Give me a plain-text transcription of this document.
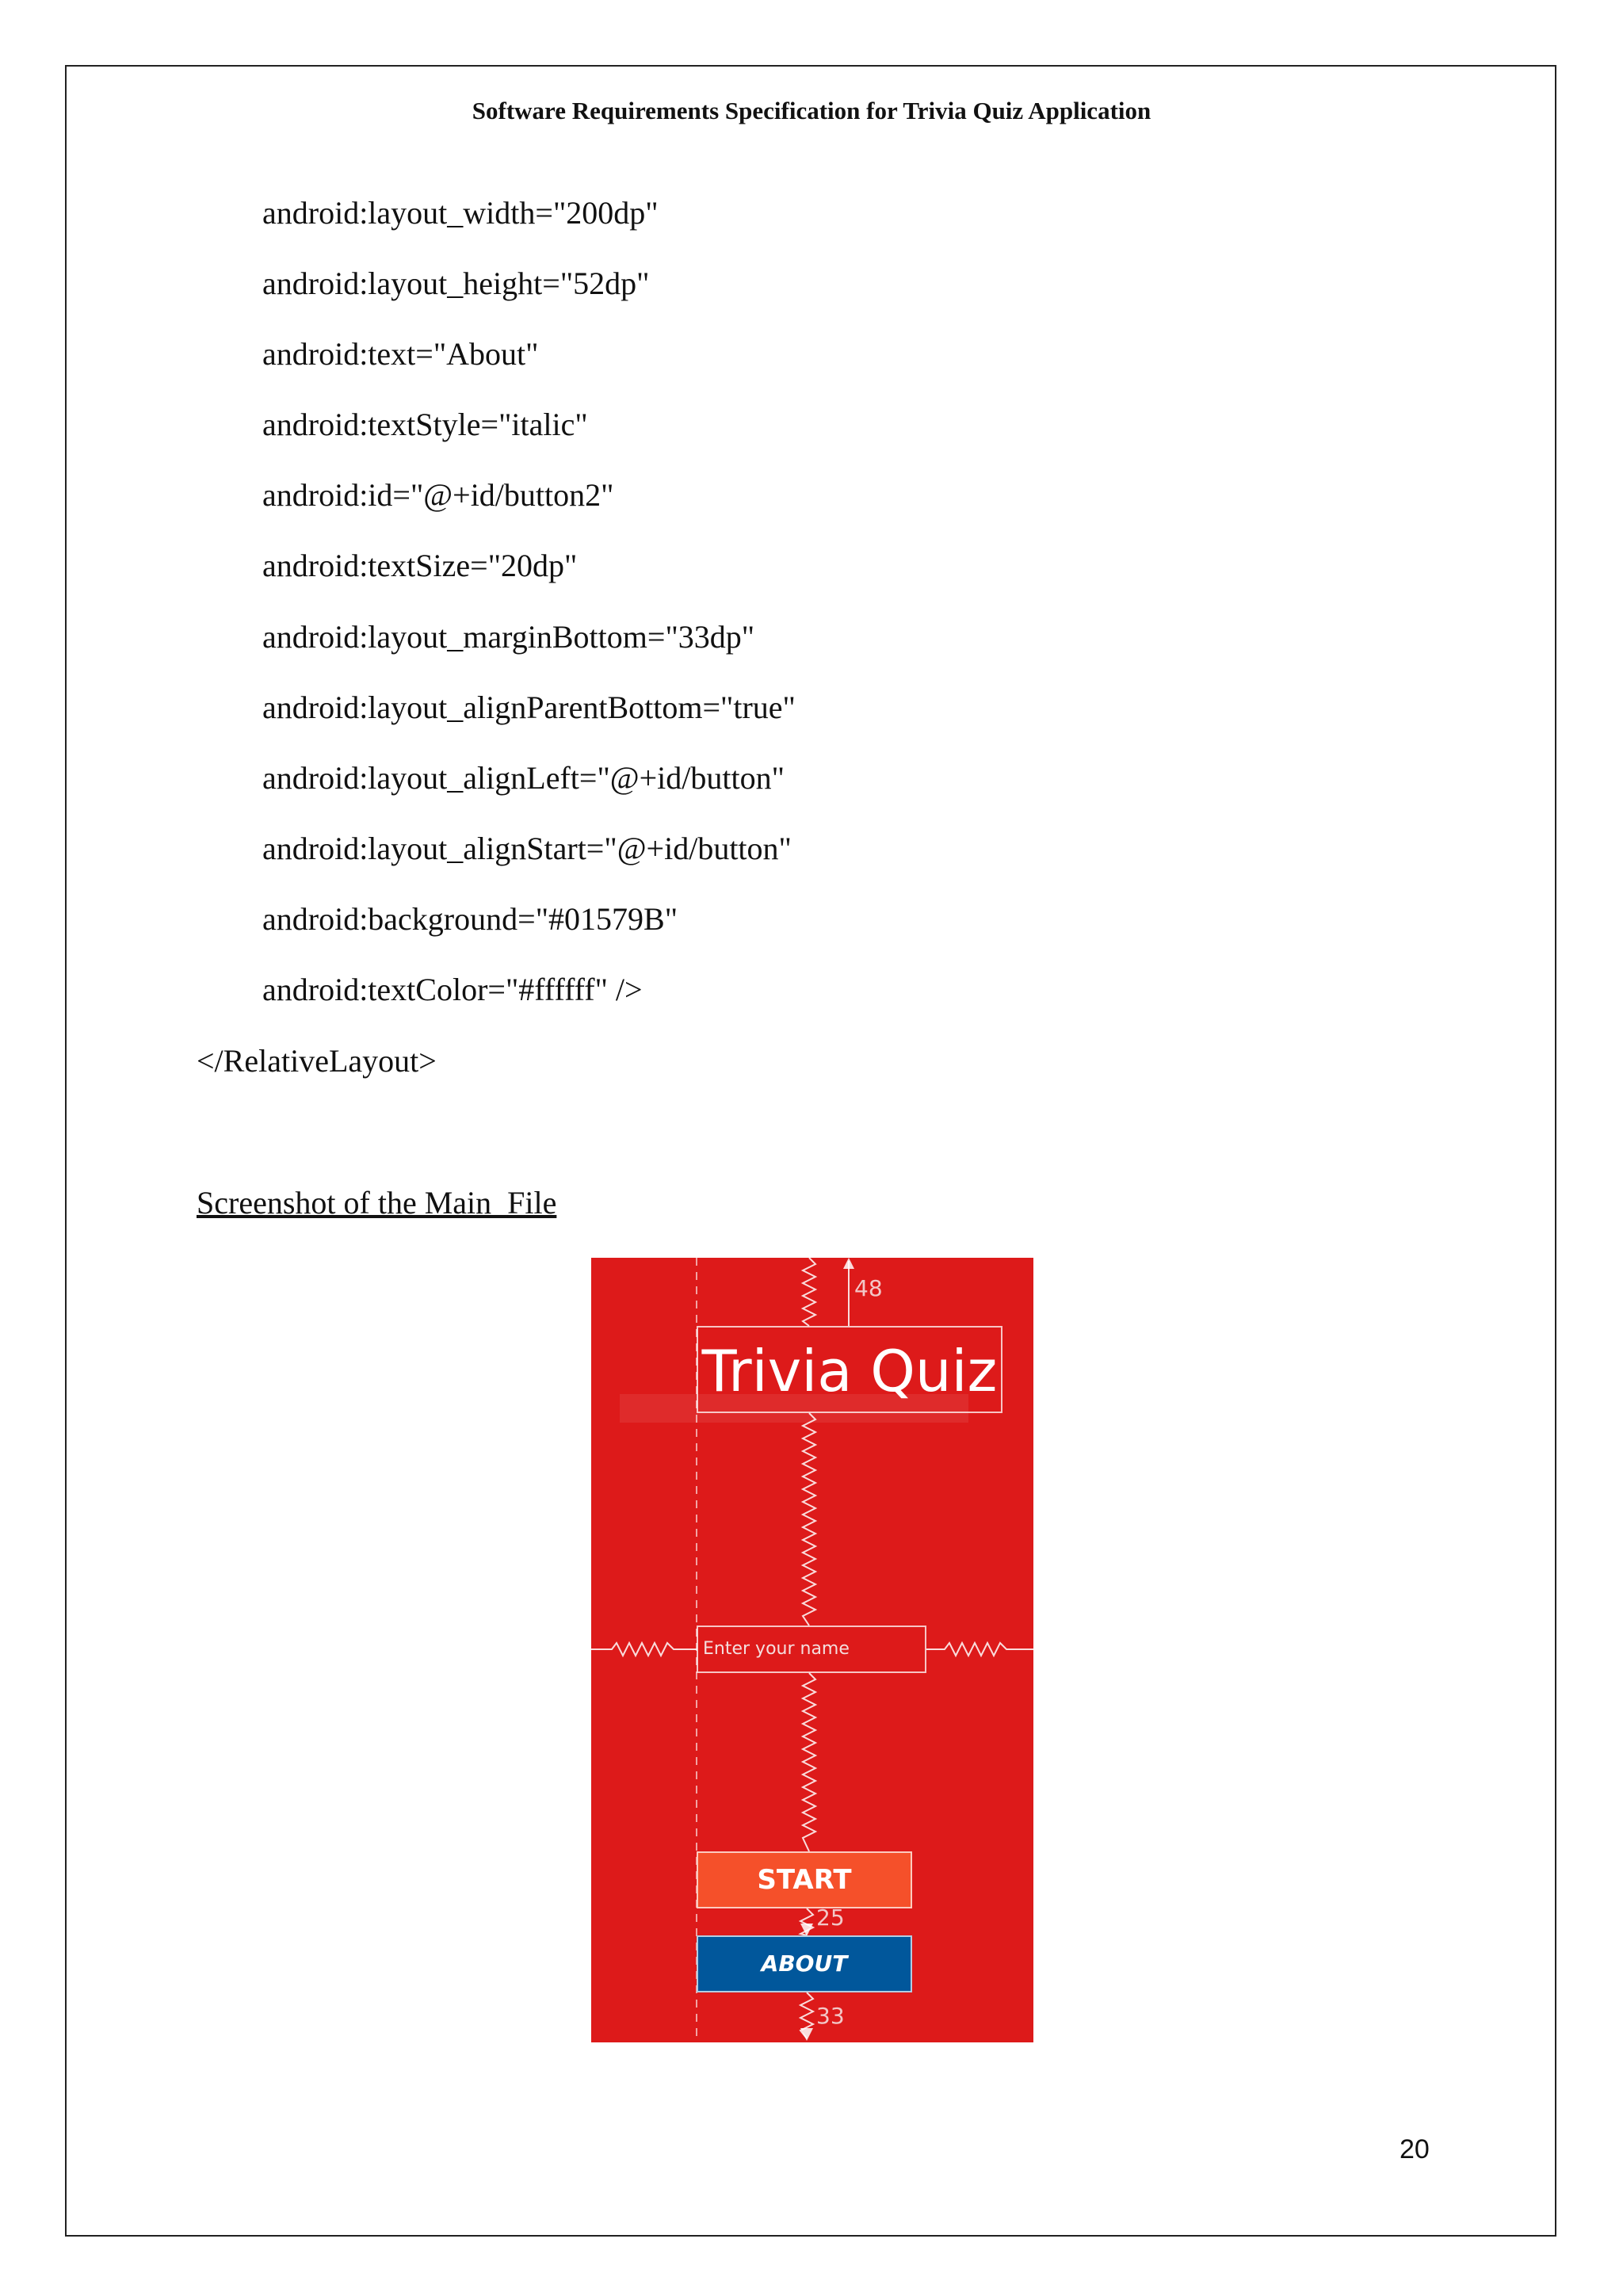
Software Requirements Specification for Trivia Quiz Application
android:layout_width="200dp"
android:layout_height="52dp"
android:text="About"
android:textStyle="italic"
android:id="@+id/button2"
android:textSize="20dp"
android:layout_marginBottom="33dp"
android:layout_alignParentBottom="true"
android:layout_alignLeft="@+id/button"
android:layout_alignStart="@+id/button"
android:background="#01579B"
android:textColor="#ffffff" />
</RelativeLayout>
Screenshot of the Main_File
48
Trivia Quiz
Enter your name
START
25
ABOUT
33
20
